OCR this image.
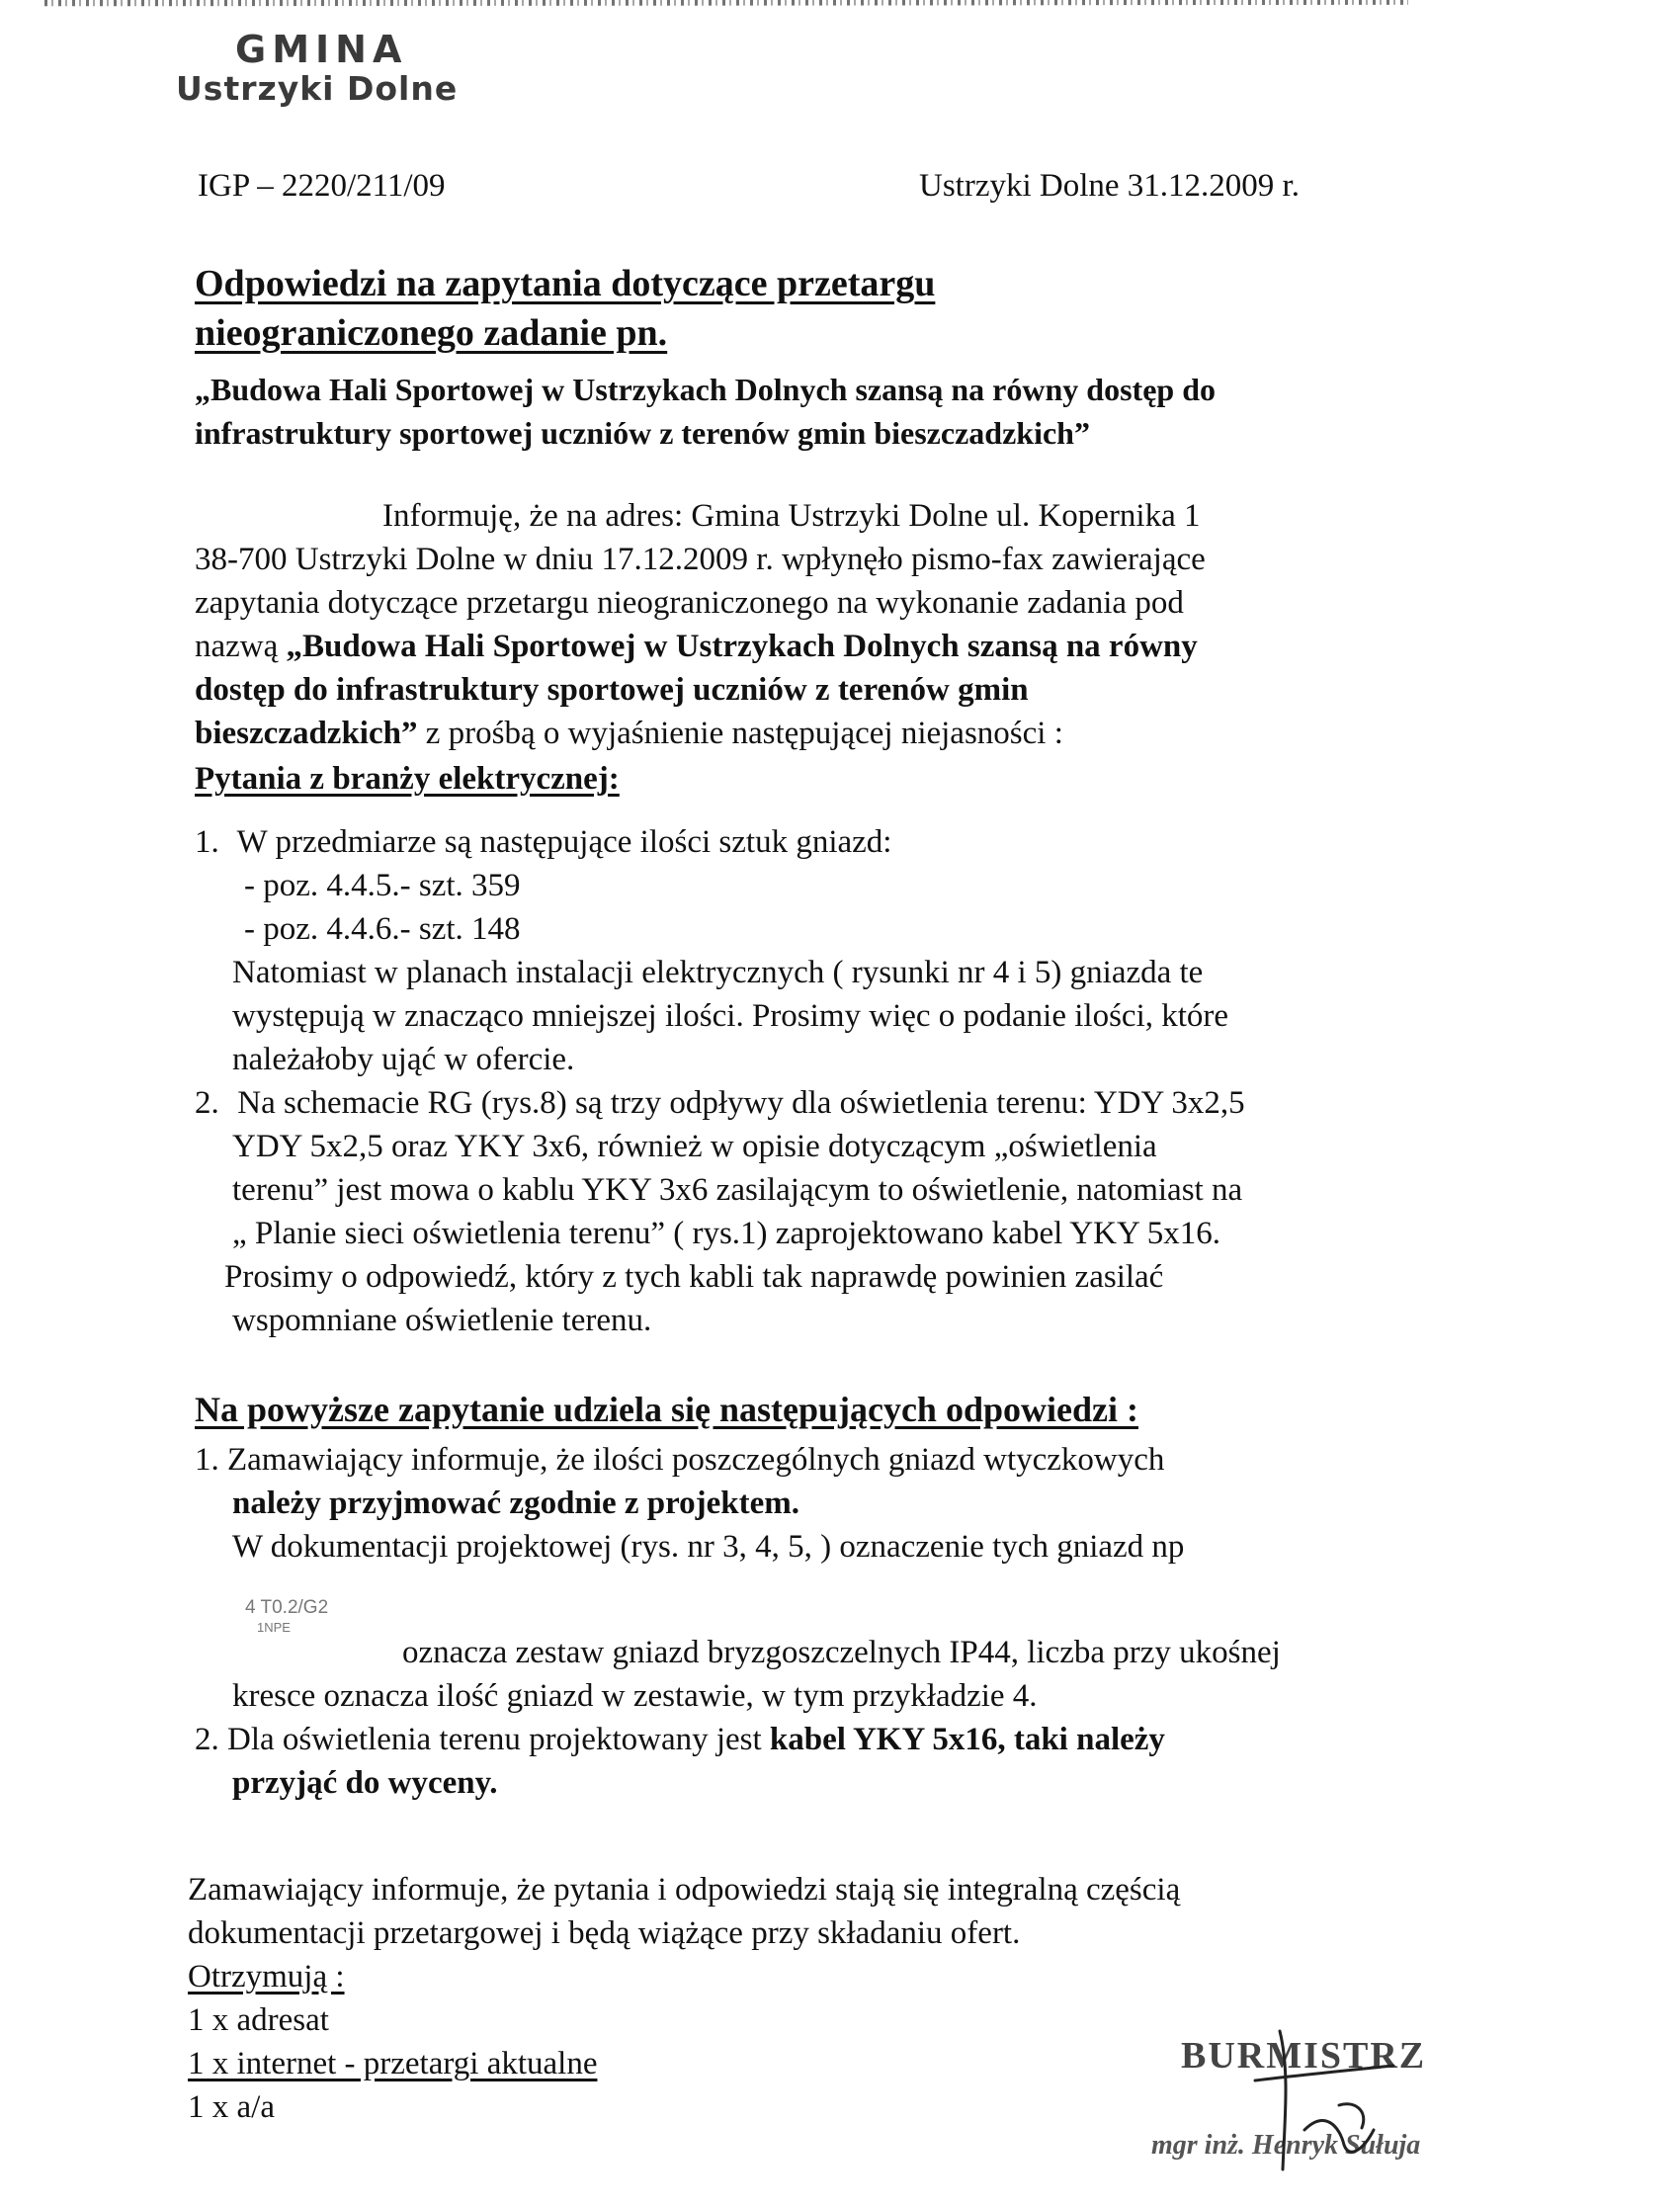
GMINA
Ustrzyki Dolne
IGP – 2220/211/09	Ustrzyki Dolne 31.12.2009 r.
Odpowiedzi na zapytania dotyczące przetargu
nieograniczonego zadanie pn.
„Budowa Hali Sportowej w Ustrzykach Dolnych szansą na równy dostęp do
infrastruktury sportowej uczniów z terenów gmin bieszczadzkich”
Informuję, że na adres: Gmina Ustrzyki Dolne ul. Kopernika 1
38-700 Ustrzyki Dolne w dniu 17.12.2009 r. wpłynęło pismo-fax zawierające
zapytania dotyczące przetargu nieograniczonego na wykonanie zadania pod
nazwą „Budowa Hali Sportowej w Ustrzykach Dolnych szansą na równy
dostęp do infrastruktury sportowej uczniów z terenów gmin
bieszczadzkich” z prośbą o wyjaśnienie następującej niejasności :
Pytania z branży elektrycznej:
1. W przedmiarze są następujące ilości sztuk gniazd:
- poz. 4.4.5.- szt. 359
- poz. 4.4.6.- szt. 148
Natomiast w planach instalacji elektrycznych ( rysunki nr 4 i 5) gniazda te
występują w znacząco mniejszej ilości. Prosimy więc o podanie ilości, które
należałoby ująć w ofercie.
2. Na schemacie RG (rys.8) są trzy odpływy dla oświetlenia terenu: YDY 3x2,5
YDY 5x2,5 oraz YKY 3x6, również w opisie dotyczącym „oświetlenia
terenu” jest mowa o kablu YKY 3x6 zasilającym to oświetlenie, natomiast na
„ Planie sieci oświetlenia terenu” ( rys.1) zaprojektowano kabel YKY 5x16.
Prosimy o odpowiedź, który z tych kabli tak naprawdę powinien zasilać
wspomniane oświetlenie terenu.
Na powyższe zapytanie udziela się następujących odpowiedzi :
1. Zamawiający informuje, że ilości poszczególnych gniazd wtyczkowych
należy przyjmować zgodnie z projektem.
W dokumentacji projektowej (rys. nr 3, 4, 5, ) oznaczenie tych gniazd np
4 T0.2/G2
1NPE
oznacza zestaw gniazd bryzgoszczelnych IP44, liczba przy ukośnej
kresce oznacza ilość gniazd w zestawie, w tym przykładzie 4.
2. Dla oświetlenia terenu projektowany jest kabel YKY 5x16, taki należy
przyjąć do wyceny.
Zamawiający informuje, że pytania i odpowiedzi stają się integralną częścią
dokumentacji przetargowej i będą wiążące przy składaniu ofert.
Otrzymują :
1 x adresat
1 x internet - przetargi aktualne
1 x a/a
BURMISTRZ
mgr inż. Henryk Sułuja
